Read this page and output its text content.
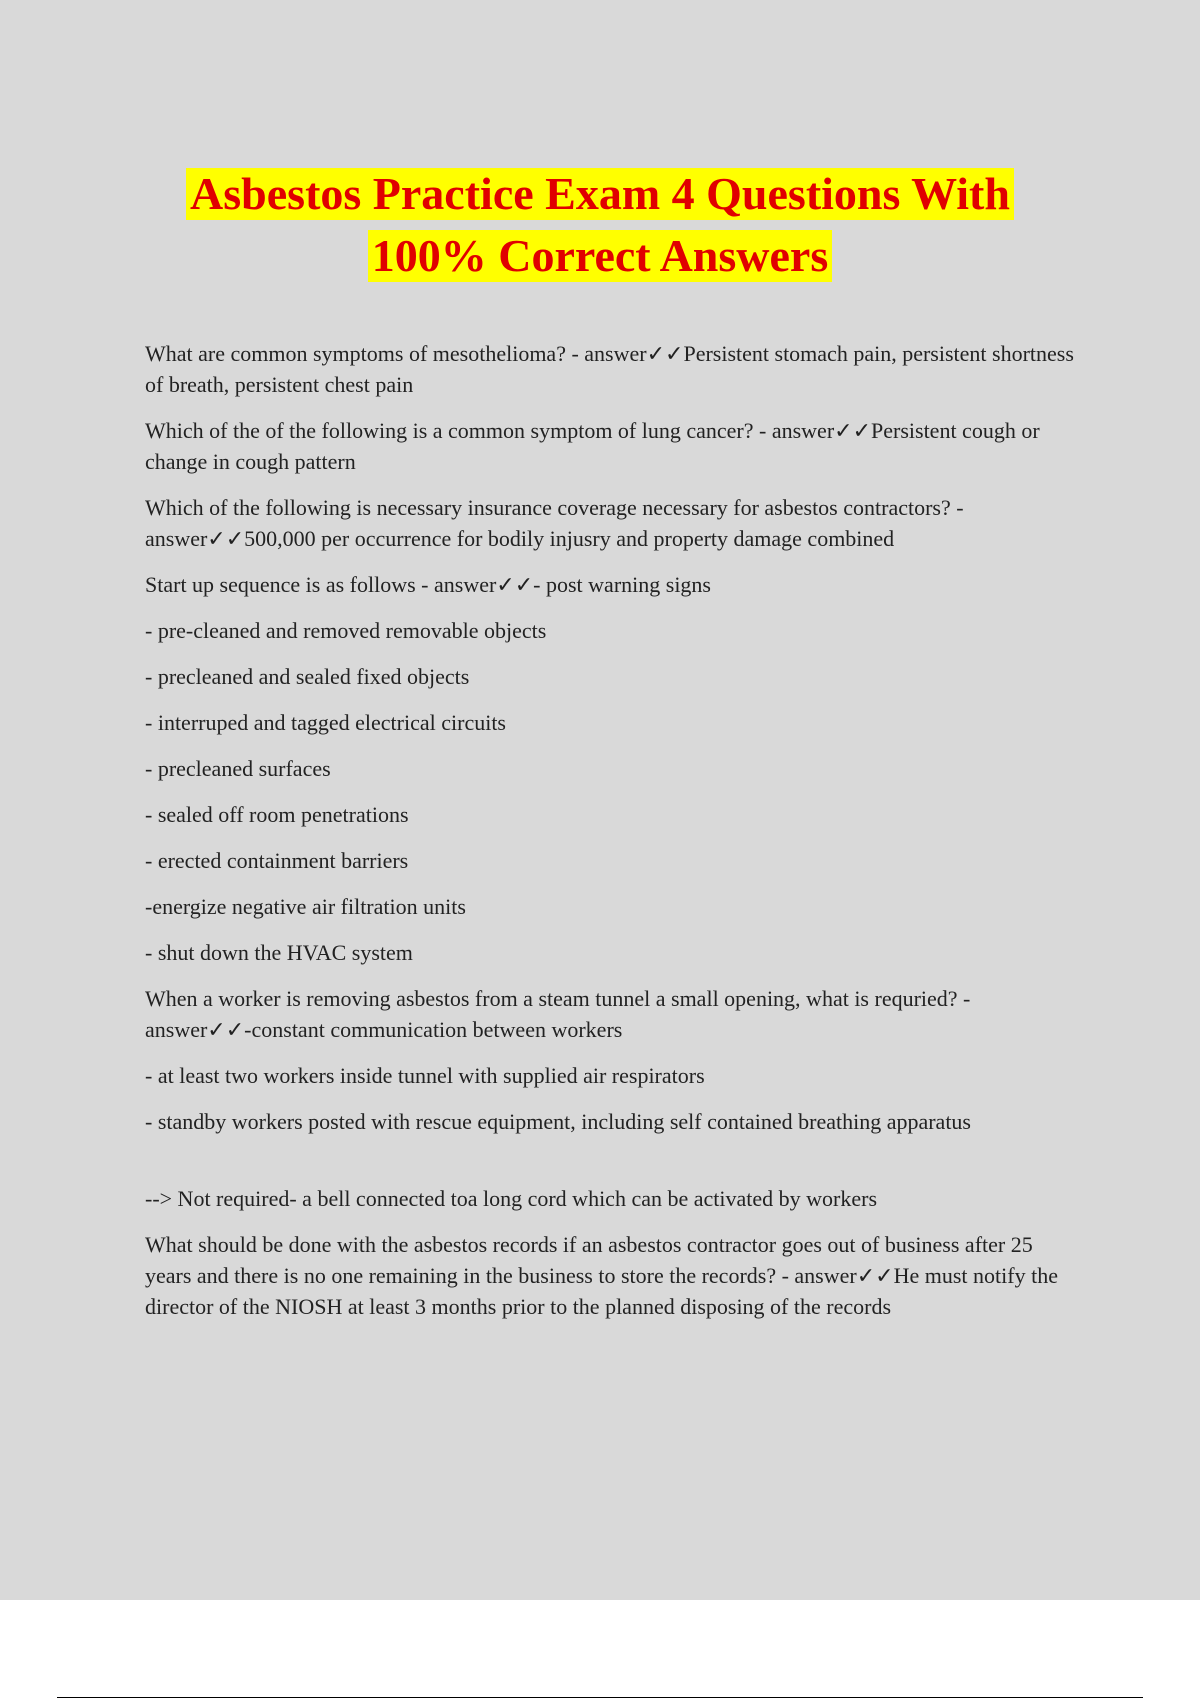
Asbestos Practice Exam 4 Questions With
100% Correct Answers

What are common symptoms of mesothelioma? - answer✓✓Persistent stomach pain, persistent shortness of breath, persistent chest pain

Which of the of the following is a common symptom of lung cancer? - answer✓✓Persistent cough or change in cough pattern

Which of the following is necessary insurance coverage necessary for asbestos contractors? - answer✓✓500,000 per occurrence for bodily injusry and property damage combined

Start up sequence is as follows - answer✓✓- post warning signs

- pre-cleaned and removed removable objects

- precleaned and sealed fixed objects

- interruped and tagged electrical circuits

- precleaned surfaces

- sealed off room penetrations

- erected containment barriers

-energize negative air filtration units

- shut down the HVAC system

When a worker is removing asbestos from a steam tunnel a small opening, what is requried? - answer✓✓-constant communication between workers

- at least two workers inside tunnel with supplied air respirators

- standby workers posted with rescue equipment, including self contained breathing apparatus

--> Not required- a bell connected toa long cord which can be activated by workers

What should be done with the asbestos records if an asbestos contractor goes out of business after 25 years and there is no one remaining in the business to store the records? - answer✓✓He must notify the director of the NIOSH at least 3 months prior to the planned disposing of the records
